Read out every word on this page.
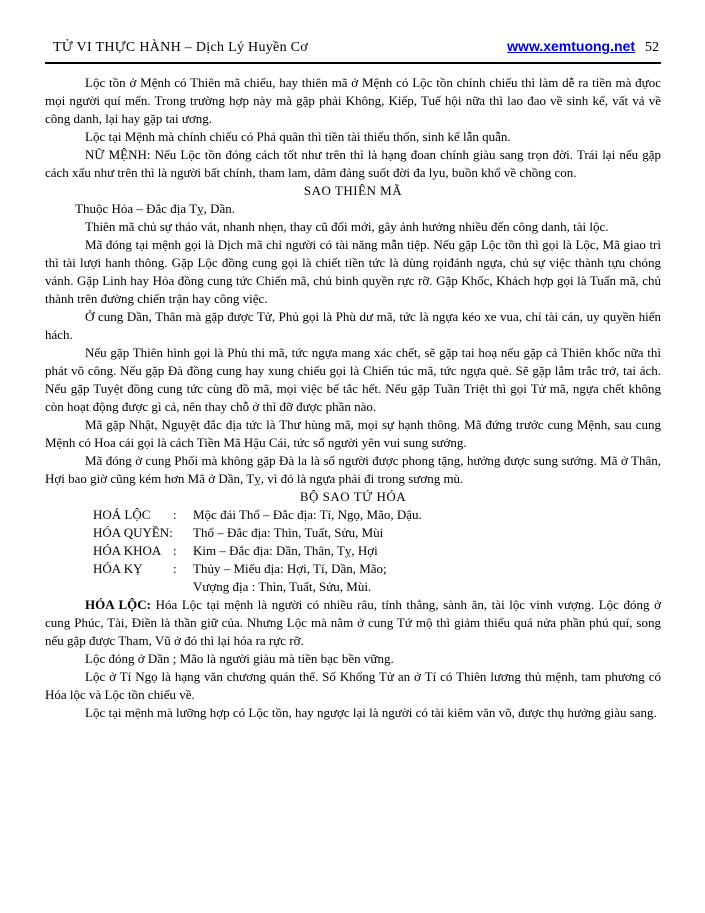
TỬ VI THỰC HÀNH – Dịch Lý Huyền Cơ	www.xemtuong.net 52

Lộc tồn ở Mệnh có Thiên mã chiếu, hay thiên mã ở Mệnh có Lộc tồn chính chiếu thì làm dễ ra tiền mà đựoc mọi người quí mến. Trong trường hợp này mà gặp phải Không, Kiếp, Tuế hội nữa thì lao đao về sinh kế, vất vả về công danh, lại hay gặp tai ương.

Lộc tại Mệnh mà chính chiếu có Phá quân thì tiền tài thiếu thốn, sinh kế lẫn quẫn.

NỮ MỆNH: Nếu Lộc tồn đóng cách tốt như trên thì là hạng đoan chính giàu sang trọn đời. Trái lại nếu gặp cách xấu như trên thì là người bất chính, tham lam, dâm đảng suốt đời đa lyu, buồn khổ về chồng con.

SAO THIÊN MÃ

Thuộc Hỏa – Đắc địa Tỵ, Dần.

Thiên mã chủ sự tháo vát, nhanh nhẹn, thay cũ đổi mới, gây ảnh hưởng nhiều đến công danh, tài lộc.

Mã đóng tại mệnh gọi là Dịch mã chỉ người có tài năng mẫn tiệp. Nếu gặp Lộc tồn thì gọi là Lộc, Mã giao trì thì tài lượi hanh thông. Gặp Lộc đồng cung gọi là chiết tiền tức là dùng rọiđánh ngựa, chủ sự việc thành tựu chóng vánh. Gặp Linh hay Hỏa đồng cung tức Chiến mã, chủ binh quyền rực rỡ. Gặp Khốc, Khách hợp gọi là Tuấn mã, chủ thành trên đường chiến trận hay công việc.

Ở cung Dần, Thân mà gặp được Tử, Phủ gọi là Phù dư mã, tức là ngựa kéo xe vua, chỉ tài cán, uy quyền hiển hách.

Nếu gặp Thiên hình gọi là Phù thi mã, tức ngựa mang xác chết, sẽ gặp tai hoạ nếu gặp cả Thiên khốc nữa thì phát võ công. Nếu gặp Đà đồng cung hay xung chiếu gọi là Chiến túc mã, tức ngựa què. Sẽ gặp lắm trắc trở, tai ách. Nếu gặp Tuyệt đồng cung tức cùng đồ mã, mọi việc bế tắc hết. Nếu gặp Tuần Triệt thì gọi Tử mã, ngựa chết không còn hoạt động được gì cả, nên thay chỗ ở thì đỡ được phần nào.

Mã gặp Nhật, Nguyệt đắc địa tức là Thư hùng mã, mọi sự hạnh thông. Mã đứng trước cung Mệnh, sau cung Mệnh có Hoa cái gọi là cách Tiền Mã Hậu Cái, tức số người yên vui sung sướng.

Mã đóng ở cung Phối mà không gặp Đà la là số người được phong tặng, hưởng được sung sướng. Mã ở Thân, Hợi bao giờ cũng kém hơn Mã ở Dần, Tỵ, vì đó là ngựa phải đi trong sương mù.

BỘ SAO TỨ HÓA
HOÁ LỘC	:	Mộc đái Thổ – Đắc địa: Tí, Ngọ, Mão, Dậu.
HÓA QUYỀN: Thổ – Đắc địa: Thìn, Tuất, Sửu, Mùi
HÓA KHOA :	Kim – Đắc địa: Dần, Thân, Tỵ, Hợi
HÓA KỴ	:	Thủy – Miếu địa: Hợi, Tí, Dần, Mão;
Vượng địa : Thìn, Tuất, Sửu, Mùi.

HÓA LỘC: Hóa Lộc tại mệnh là người có nhiều râu, tính thẳng, sành ăn, tài lộc vinh vượng. Lộc đóng ở cung Phúc, Tài, Điền là thần giữ của. Nhưng Lộc mà nằm ở cung Tứ mộ thì giảm thiểu quá nửa phần phú quí, song nếu gặp được Tham, Vũ ở đó thì lại hóa ra rực rỡ.

Lộc đóng ở Dần ; Mão là người giàu mà tiền bạc bền vững.

Lộc ở Tí Ngọ là hạng văn chương quán thế. Số Khổng Tử an ở Tí có Thiên lương thủ mệnh, tam phương có Hóa lộc và Lộc tồn chiếu về.

Lộc tại mệnh mà lưỡng hợp có Lộc tồn, hay ngược lại là người có tài kiêm văn võ, được thụ hưởng giàu sang.
